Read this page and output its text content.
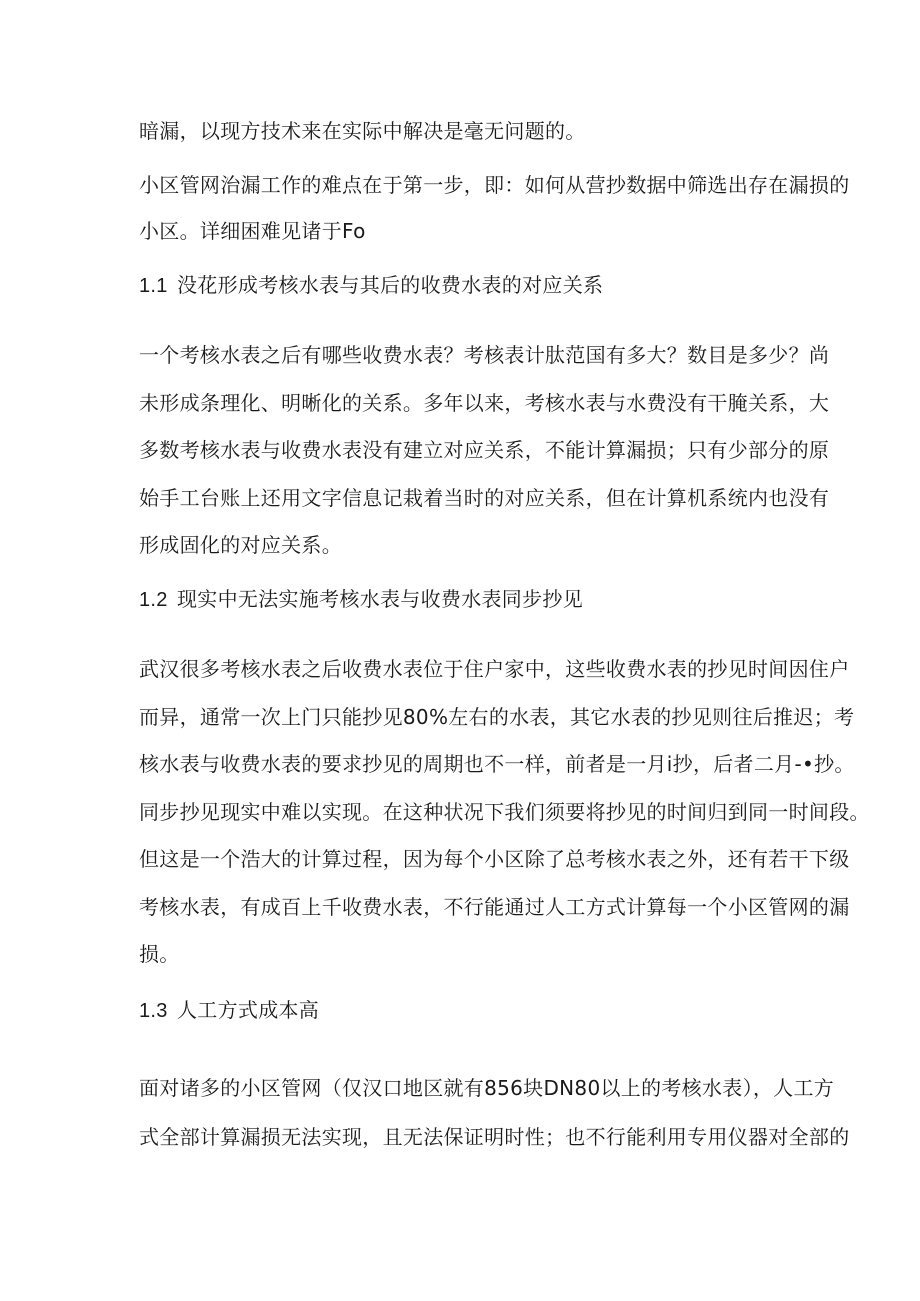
暗漏，以现方技术来在实际中解决是毫无问题的。
小区管网治漏工作的难点在于第一步，即：如何从营抄数据中筛选出存在漏损的
小区。详细困难见诸于Fo
1.1 没花形成考核水表与其后的收费水表的对应关系
一个考核水表之后有哪些收费水表？考核表计肽范国有多大？数目是多少？尚
未形成条理化、明晰化的关系。多年以来，考核水表与水费没有干腌关系，大
多数考核水表与收费水表没有建立对应关系，不能计算漏损；只有少部分的原
始手工台账上还用文字信息记栽着当时的对应关系，但在计算机系统内也没有
形成固化的对应关系。
1.2 现实中无法实施考核水表与收费水表同步抄见
武汉很多考核水表之后收费水表位于住户家中，这些收费水表的抄见时间因住户
而异，通常一次上门只能抄见80%左右的水表，其它水表的抄见则往后推迟；考
核水表与收费水表的要求抄见的周期也不一样，前者是一月i抄，后者二月-•抄。
同步抄见现实中难以实现。在这种状况下我们须要将抄见的时间归到同一时间段。
但这是一个浩大的计算过程，因为每个小区除了总考核水表之外，还有若干下级
考核水表，有成百上千收费水表，不行能通过人工方式计算每一个小区管网的漏
损。
1.3 人工方式成本高
面对诸多的小区管网（仅汉口地区就有856块DN80以上的考核水表），人工方
式全部计算漏损无法实现，且无法保证明时性；也不行能利用专用仪器对全部的
